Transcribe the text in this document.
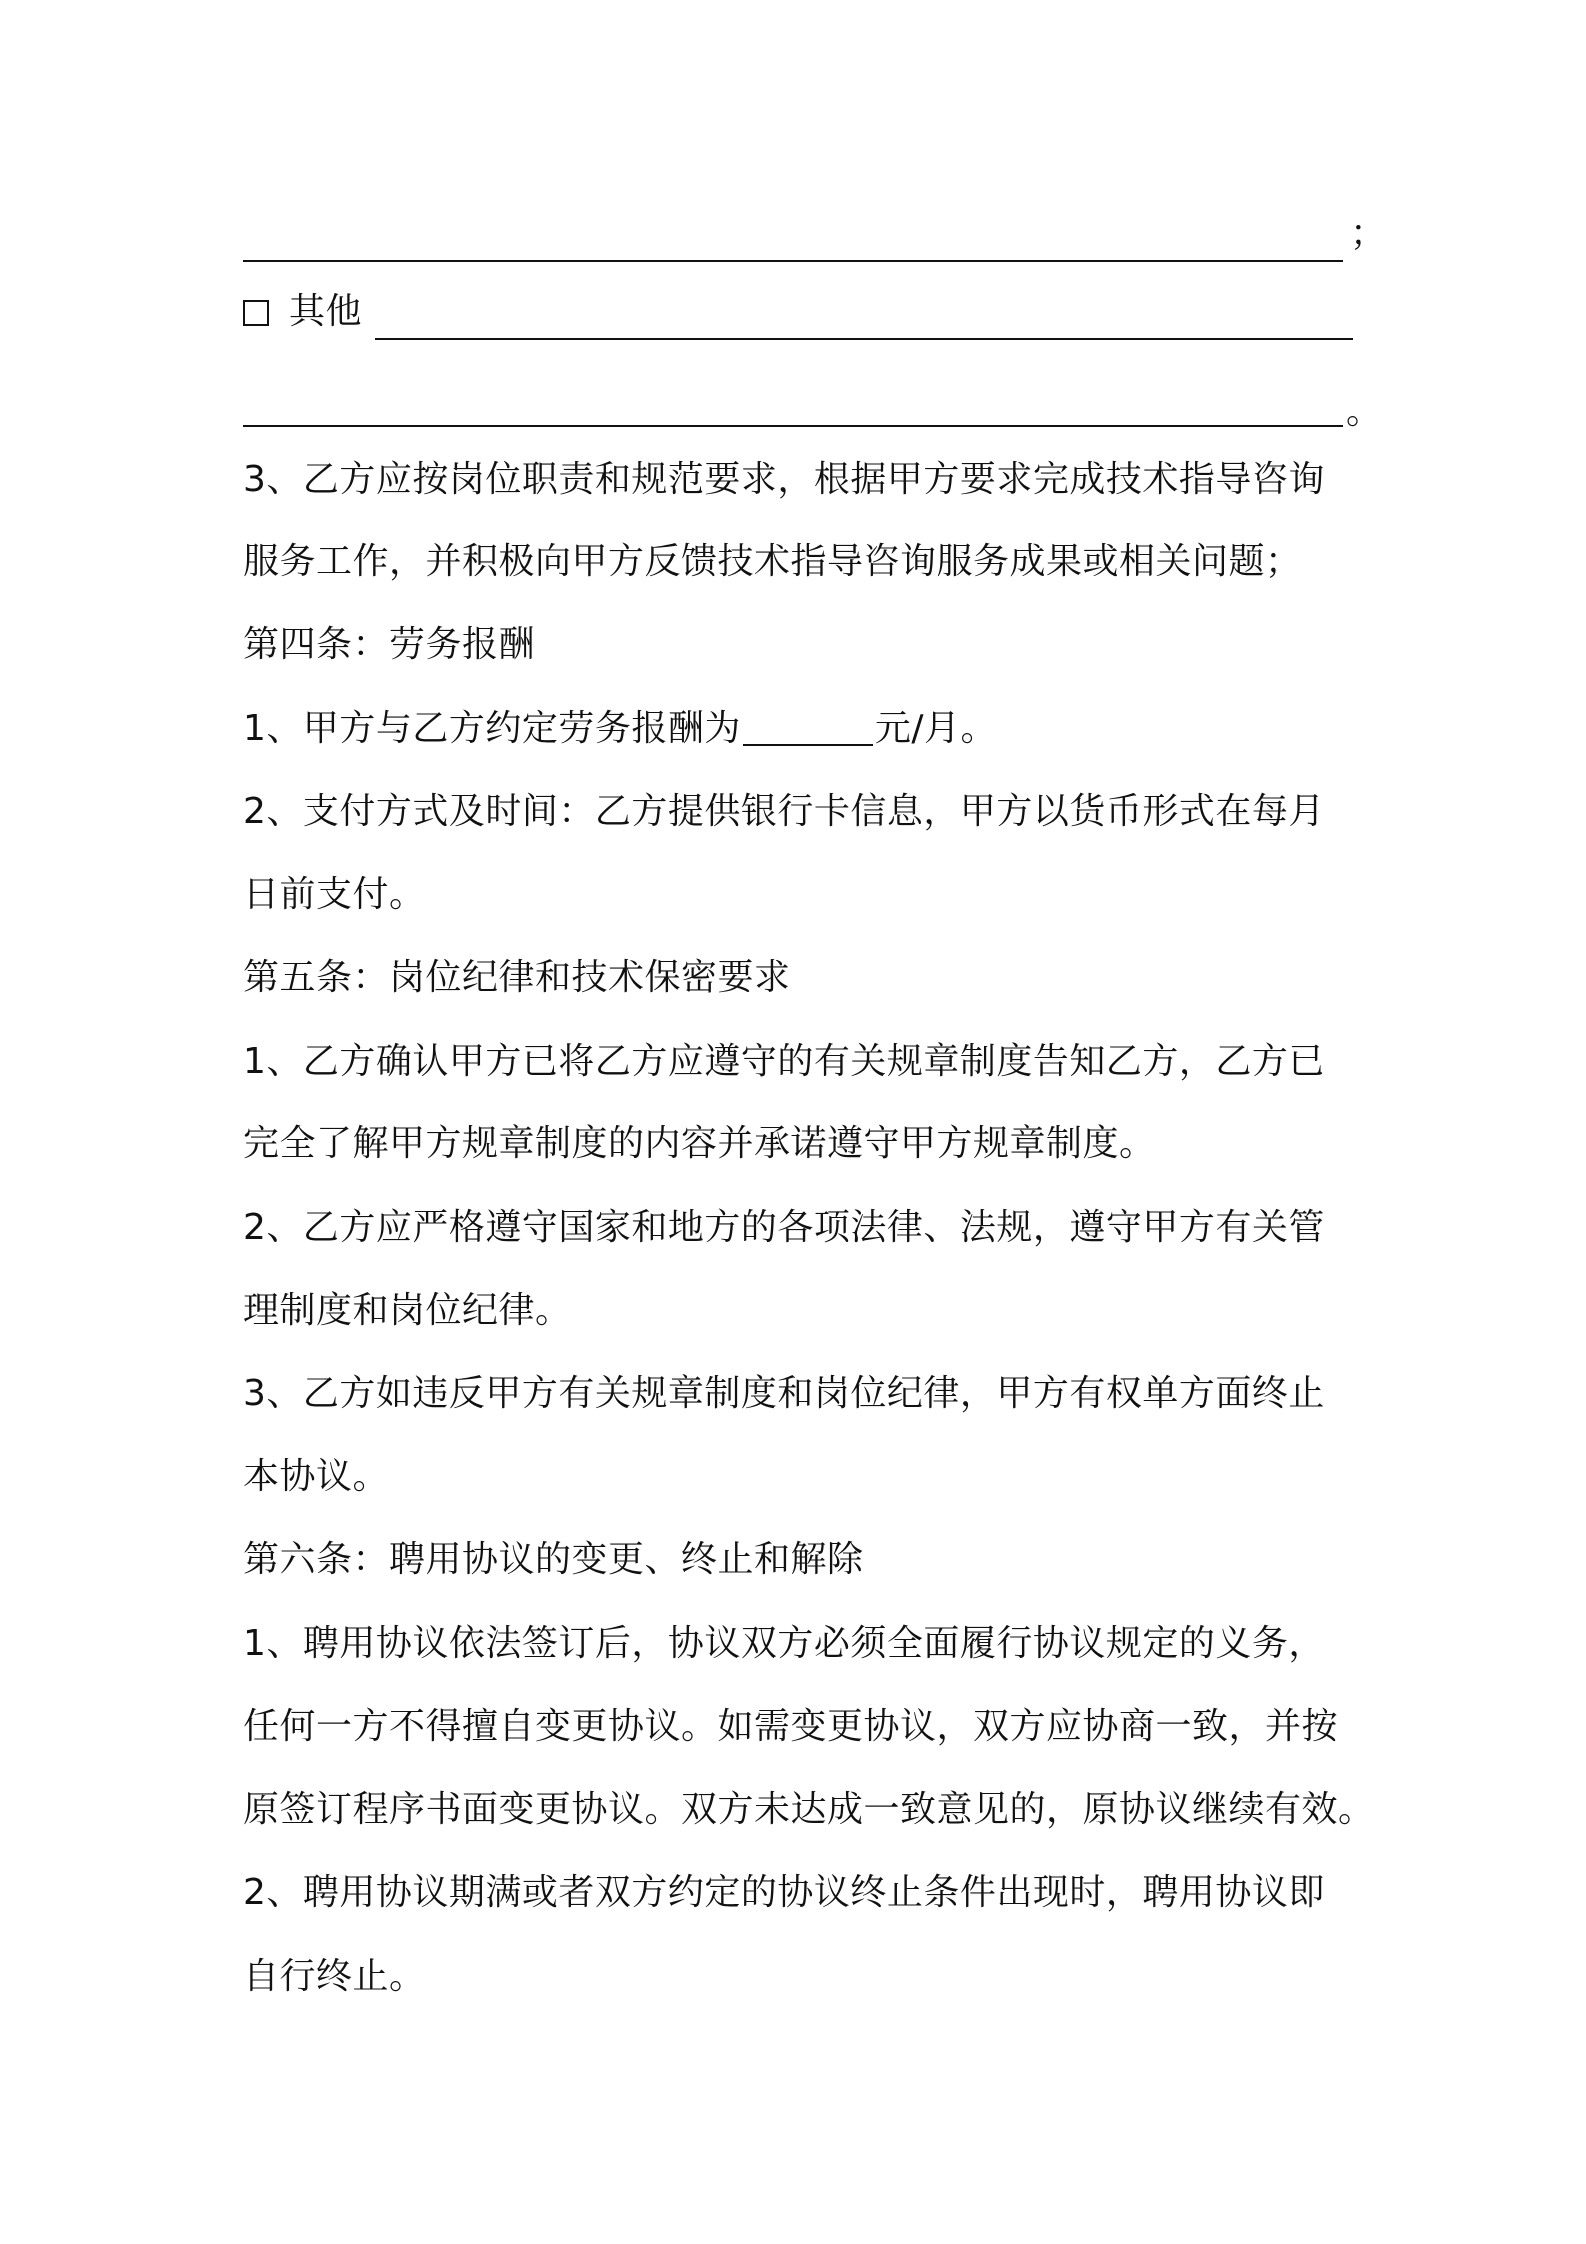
；
其他
。
3、乙方应按岗位职责和规范要求，根据甲方要求完成技术指导咨询
服务工作，并积极向甲方反馈技术指导咨询服务成果或相关问题；
第四条：劳务报酬
1、甲方与乙方约定劳务报酬为	元/月。
2、支付方式及时间：乙方提供银行卡信息，甲方以货币形式在每月
日前支付。
第五条：岗位纪律和技术保密要求
1、乙方确认甲方已将乙方应遵守的有关规章制度告知乙方，乙方已
完全了解甲方规章制度的内容并承诺遵守甲方规章制度。
2、乙方应严格遵守国家和地方的各项法律、法规，遵守甲方有关管
理制度和岗位纪律。
3、乙方如违反甲方有关规章制度和岗位纪律，甲方有权单方面终止
本协议。
第六条：聘用协议的变更、终止和解除
1、聘用协议依法签订后，协议双方必须全面履行协议规定的义务，
任何一方不得擅自变更协议。如需变更协议，双方应协商一致，并按
原签订程序书面变更协议。双方未达成一致意见的，原协议继续有效。
2、聘用协议期满或者双方约定的协议终止条件出现时，聘用协议即
自行终止。
